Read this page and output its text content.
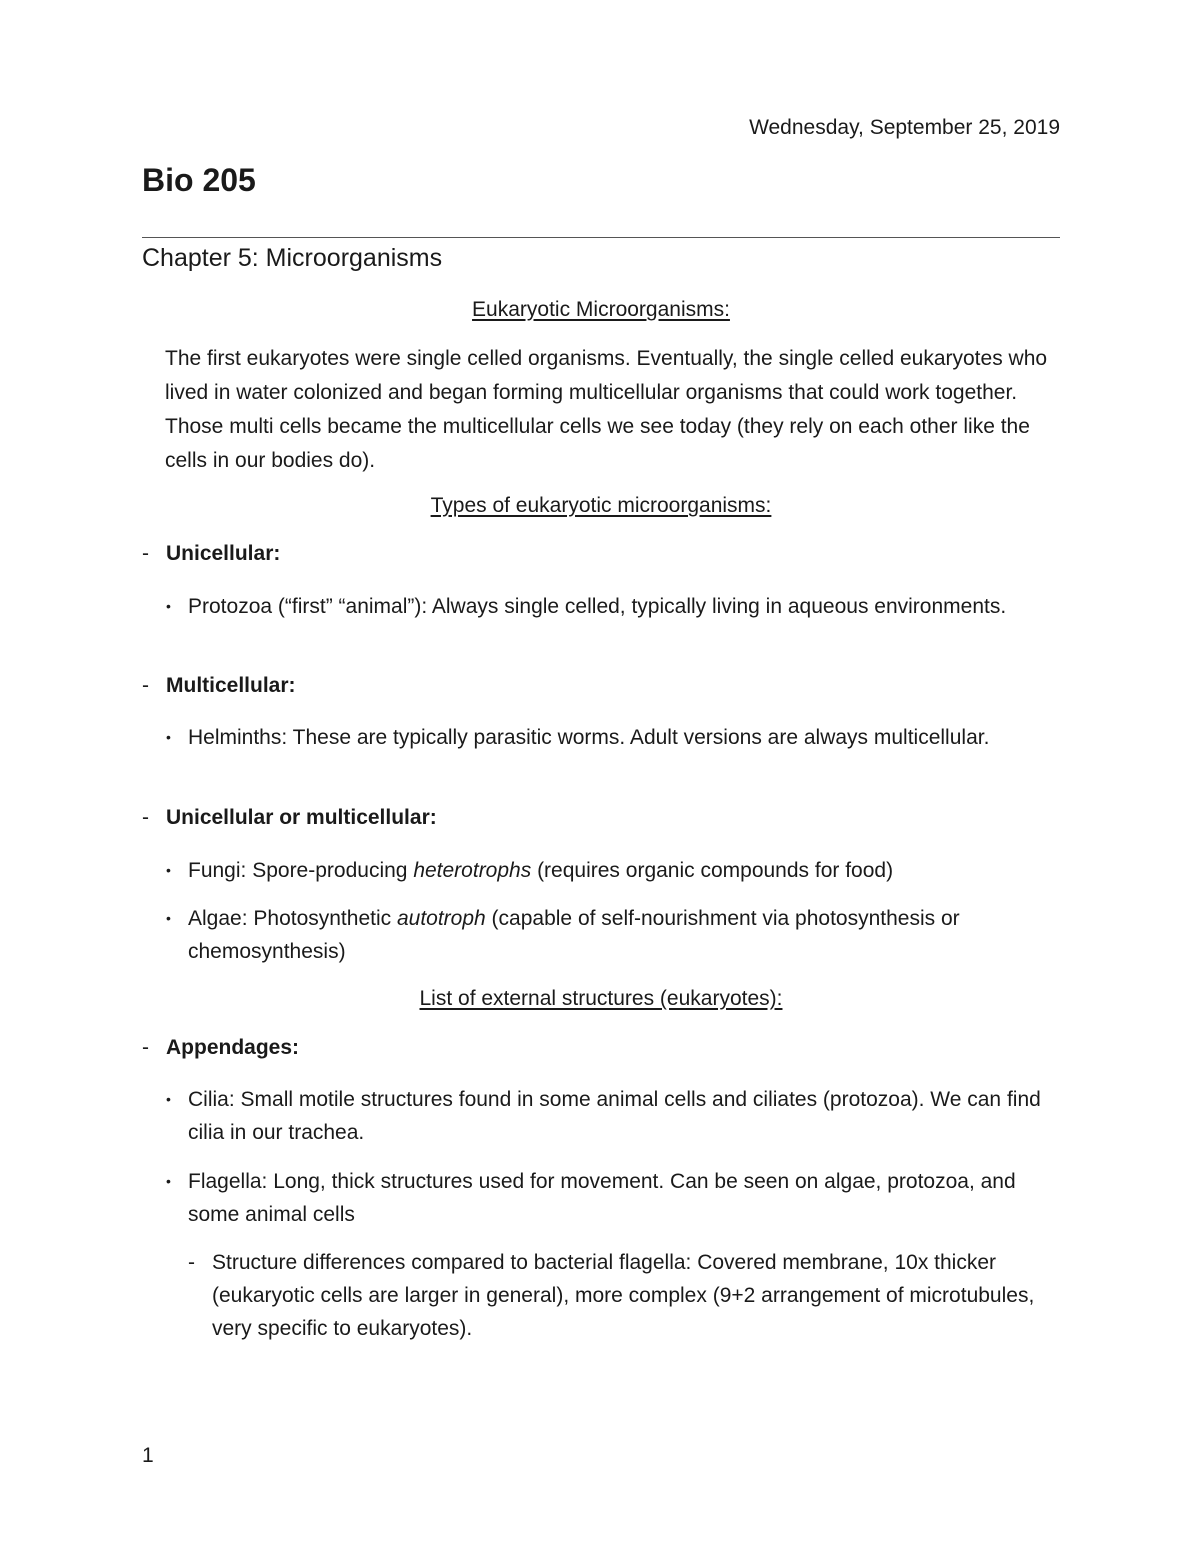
Wednesday, September 25, 2019
Bio 205
Chapter 5: Microorganisms
Eukaryotic Microorganisms:
The first eukaryotes were single celled organisms. Eventually, the single celled eukaryotes who lived in water colonized and began forming multicellular organisms that could work together. Those multi cells became the multicellular cells we see today (they rely on each other like the cells in our bodies do).
Types of eukaryotic microorganisms:
- Unicellular:
• Protozoa (“first” “animal”): Always single celled, typically living in aqueous environments.
- Multicellular:
• Helminths: These are typically parasitic worms. Adult versions are always multicellular.
- Unicellular or multicellular:
• Fungi: Spore-producing heterotrophs (requires organic compounds for food)
• Algae: Photosynthetic autotroph (capable of self-nourishment via photosynthesis or chemosynthesis)
List of external structures (eukaryotes):
- Appendages:
• Cilia: Small motile structures found in some animal cells and ciliates (protozoa). We can find cilia in our trachea.
• Flagella: Long, thick structures used for movement. Can be seen on algae, protozoa, and some animal cells
- Structure differences compared to bacterial flagella: Covered membrane, 10x thicker (eukaryotic cells are larger in general), more complex (9+2 arrangement of microtubules, very specific to eukaryotes).
1
